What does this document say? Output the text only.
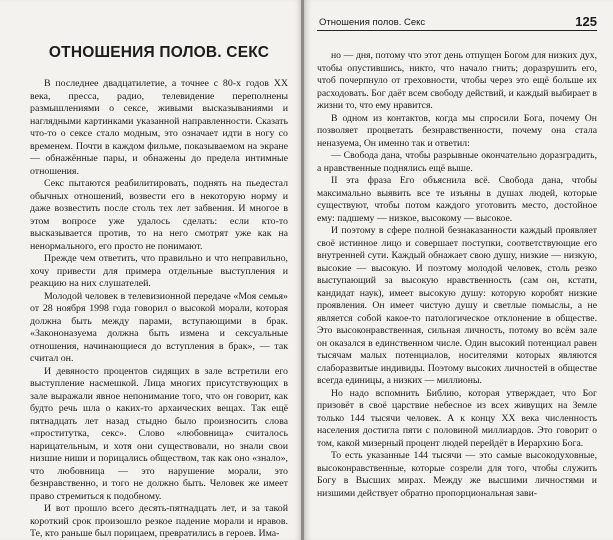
ОТНОШЕНИЯ ПОЛОВ. СЕКС

В последнее двадцатилетие, а точнее с 80-х годов XX века, пресса, радио, телевидение переполнены размышлениями о сексе, живыми высказываниями и наглядными картинками указанной направленности. Сказать что-то о сексе стало модным, это означает идти в ногу со временем. Почти в каждом фильме, показываемом на экране — обнажённые пары, и обнажены до предела интимные отношения.

Секс пытаются реабилитировать, поднять на пьедестал обычных отношений, возвести его в некоторую норму и даже возвестить после столь тех лет забвения. И многое в этом вопросе уже удалось сделать: если кто-то высказывается против, то на него смотрят уже как на ненормального, его просто не понимают.

Прежде чем ответить, что правильно и что неправильно, хочу привести для примера отдельные выступления и реакцию на них слушателей.

Молодой человек в телевизионной передаче «Моя семья» от 28 ноября 1998 года говорил о высокой морали, которая должна быть между парами, вступающими в брак. «Закононазуема должна быть измена и сексуальные отношения, начинающиеся до вступления в брак», — так считал он.

И девяносто процентов сидящих в зале встретили его выступление насмешкой. Лица многих присутствующих в зале выражали явное непонимание того, что он говорит, как будто речь шла о каких-то архаических вещах. Так ещё пятнадцать лет назад стыдно было произносить слова «проститутка, секс». Слово «любовница» считалось нарицательным, и хотя они существовали, но знали свои низшие ниши и порицались обществом, так как оно «знало», что любовница — это нарушение морали, это безнравственно, и того не должно быть. Человек же имеет право стремиться к подобному.

И вот прошло всего десять-пятнадцать лет, и за такой короткий срок произошло резкое падение морали и нравов. Те, кто раньше был порицаем, превратились в героев. Има-

Отношения полов. Секс	125

но — дня, потому что этот день отпущен Богом для низких дух, чтобы опустившись, никто, что начало гнить; доразрушить его, чтоб почерпнуло от греховности, чтобы через это ещё больше их расходовать. Бог даёт всем свободу действий, и каждый выбирает в жизни то, что ему нравится.

В одном из контактов, когда мы спросили Бога, почему Он позволяет процветать безнравственности, почему она стала неназуема, Он именно так и ответил:

— Свобода дана, чтобы разрывные окончательно доразградить, а нравственные поднялись ещё выше.

II эта фраза Его объяснила всё. Свобода дана, чтобы максимально выявить все те изъяны в душах людей, которые существуют, чтобы потом каждого уготовить место, достойное ему: падшему — низкое, высокому — высокое.

И поэтому в сфере полной безнаказанности каждый проявляет своё истинное лицо и совершает поступки, соответствующие его внутренней сути. Каждый обнажает свою душу, низкие — низкую, высокие — высокую. И поэтому молодой человек, столь резко выступающий за высокую нравственность (сам он, кстати, кандидат наук), имеет высокую душу: которую коробят низкие проявления. Он имеет чистую душу и светлые помыслы, а не является собой какое-то патологическое отклонение в обществе. Это высоконравственная, сильная личность, потому во всём зале он оказался в единственном числе. Один высокий потенциал равен тысячам малых потенциалов, носителями которых являются слаборазвитые индивиды. Поэтому высоких личностей в обществе всегда единицы, а низких — миллионы.

Но надо вспомнить Библию, которая утверждает, что Бог призовёт в своё царствие небесное из всех живущих на Земле только 144 тысячи человек. А к концу XX века численность населения достигла пяти с половиной миллиардов. Это говорит о том, какой мизерный процент людей перейдёт в Иерархию Бога.

То есть указанные 144 тысячи — это самые высокодуховные, высоконравственные, которые созрели для того, чтобы служить Богу в Высших мирах. Между же высшими личностями и низшими действует обратно пропорциональная зави-
